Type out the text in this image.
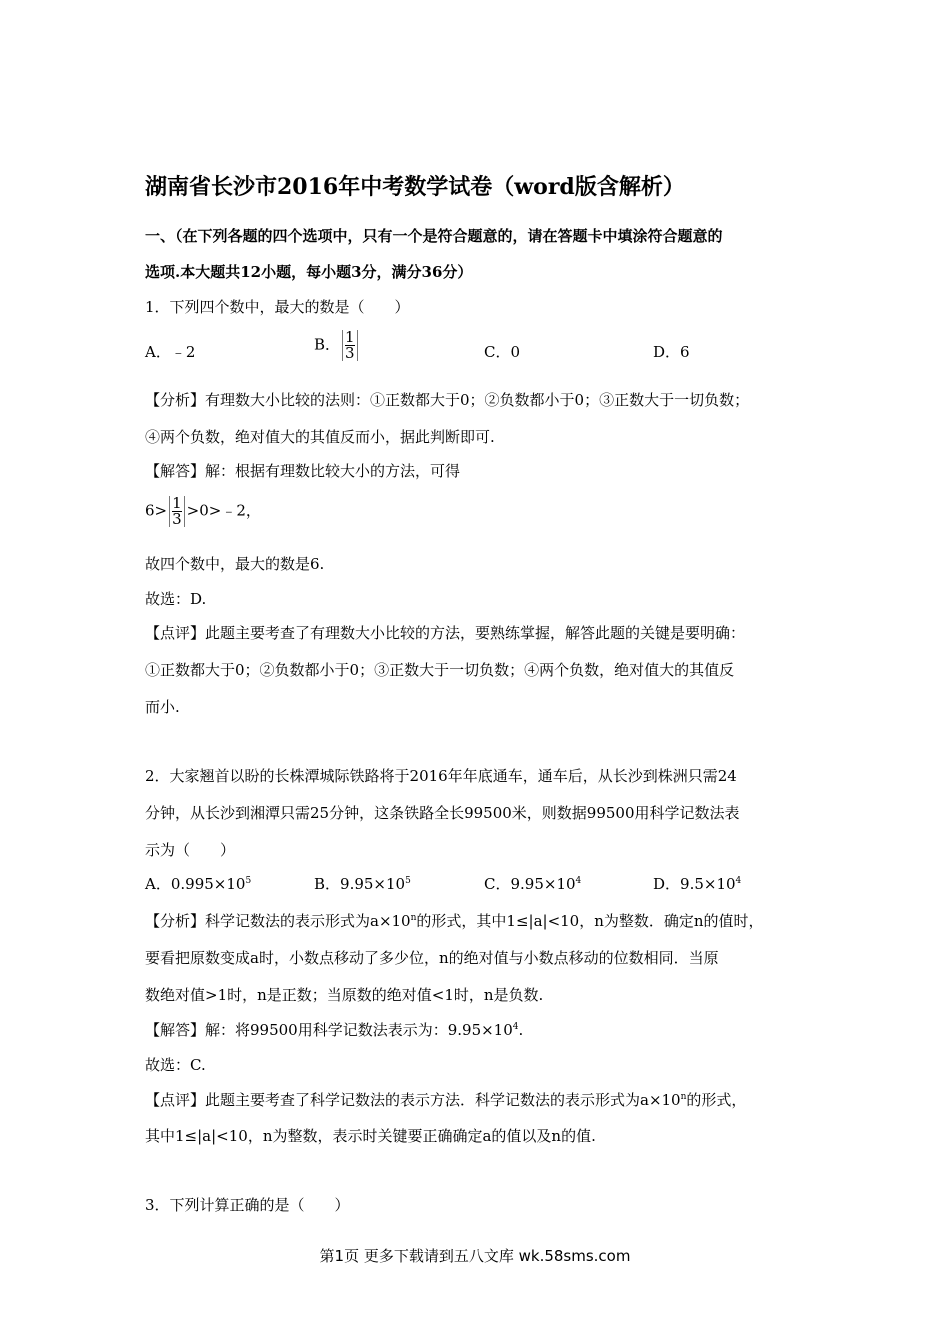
湖南省长沙市2016年中考数学试卷（word版含解析）
一、（在下列各题的四个选项中，只有一个是符合题意的，请在答题卡中填涂符合题意的
选项.本大题共12小题，每小题3分，满分36分）
1．下列四个数中，最大的数是（　　）
A．﹣2	B． $\frac{1}{3}$	C．0	D．6
【分析】有理数大小比较的法则：①正数都大于0；②负数都小于0；③正数大于一切负数；
④两个负数，绝对值大的其值反而小，据此判断即可.
【解答】解：根据有理数比较大小的方法，可得
$6> \frac{1}{3}$ >0>﹣2，
故四个数中，最大的数是6.
故选：D.
【点评】此题主要考查了有理数大小比较的方法，要熟练掌握，解答此题的关键是要明确：
①正数都大于0；②负数都小于0；③正数大于一切负数；④两个负数，绝对值大的其值反
而小.
2．大家翘首以盼的长株潭城际铁路将于2016年年底通车，通车后，从长沙到株洲只需24
分钟，从长沙到湘潭只需25分钟，这条铁路全长99500米，则数据99500用科学记数法表
示为（　　）
A．$0.995\times 10^5$	B．$9.95\times 10^5$	C．$9.95\times 10^4$	D．$9.5\times 10^4$
【分析】科学记数法的表示形式为$a\times 10^n$的形式，其中1≤|a|<10，n为整数．确定n的值时，
要看把原数变成a时，小数点移动了多少位，n的绝对值与小数点移动的位数相同．当原
数绝对值>1时，n是正数；当原数的绝对值<1时，n是负数.
【解答】解：将99500用科学记数法表示为：$9.95\times 10^4$.
故选：C.
【点评】此题主要考查了科学记数法的表示方法．科学记数法的表示形式为$a\times 10^n$的形式，
其中1≤|a|<10，n为整数，表示时关键要正确确定a的值以及n的值.
3．下列计算正确的是（　　）
第1页 更多下载请到五八文库 wk.58sms.com
